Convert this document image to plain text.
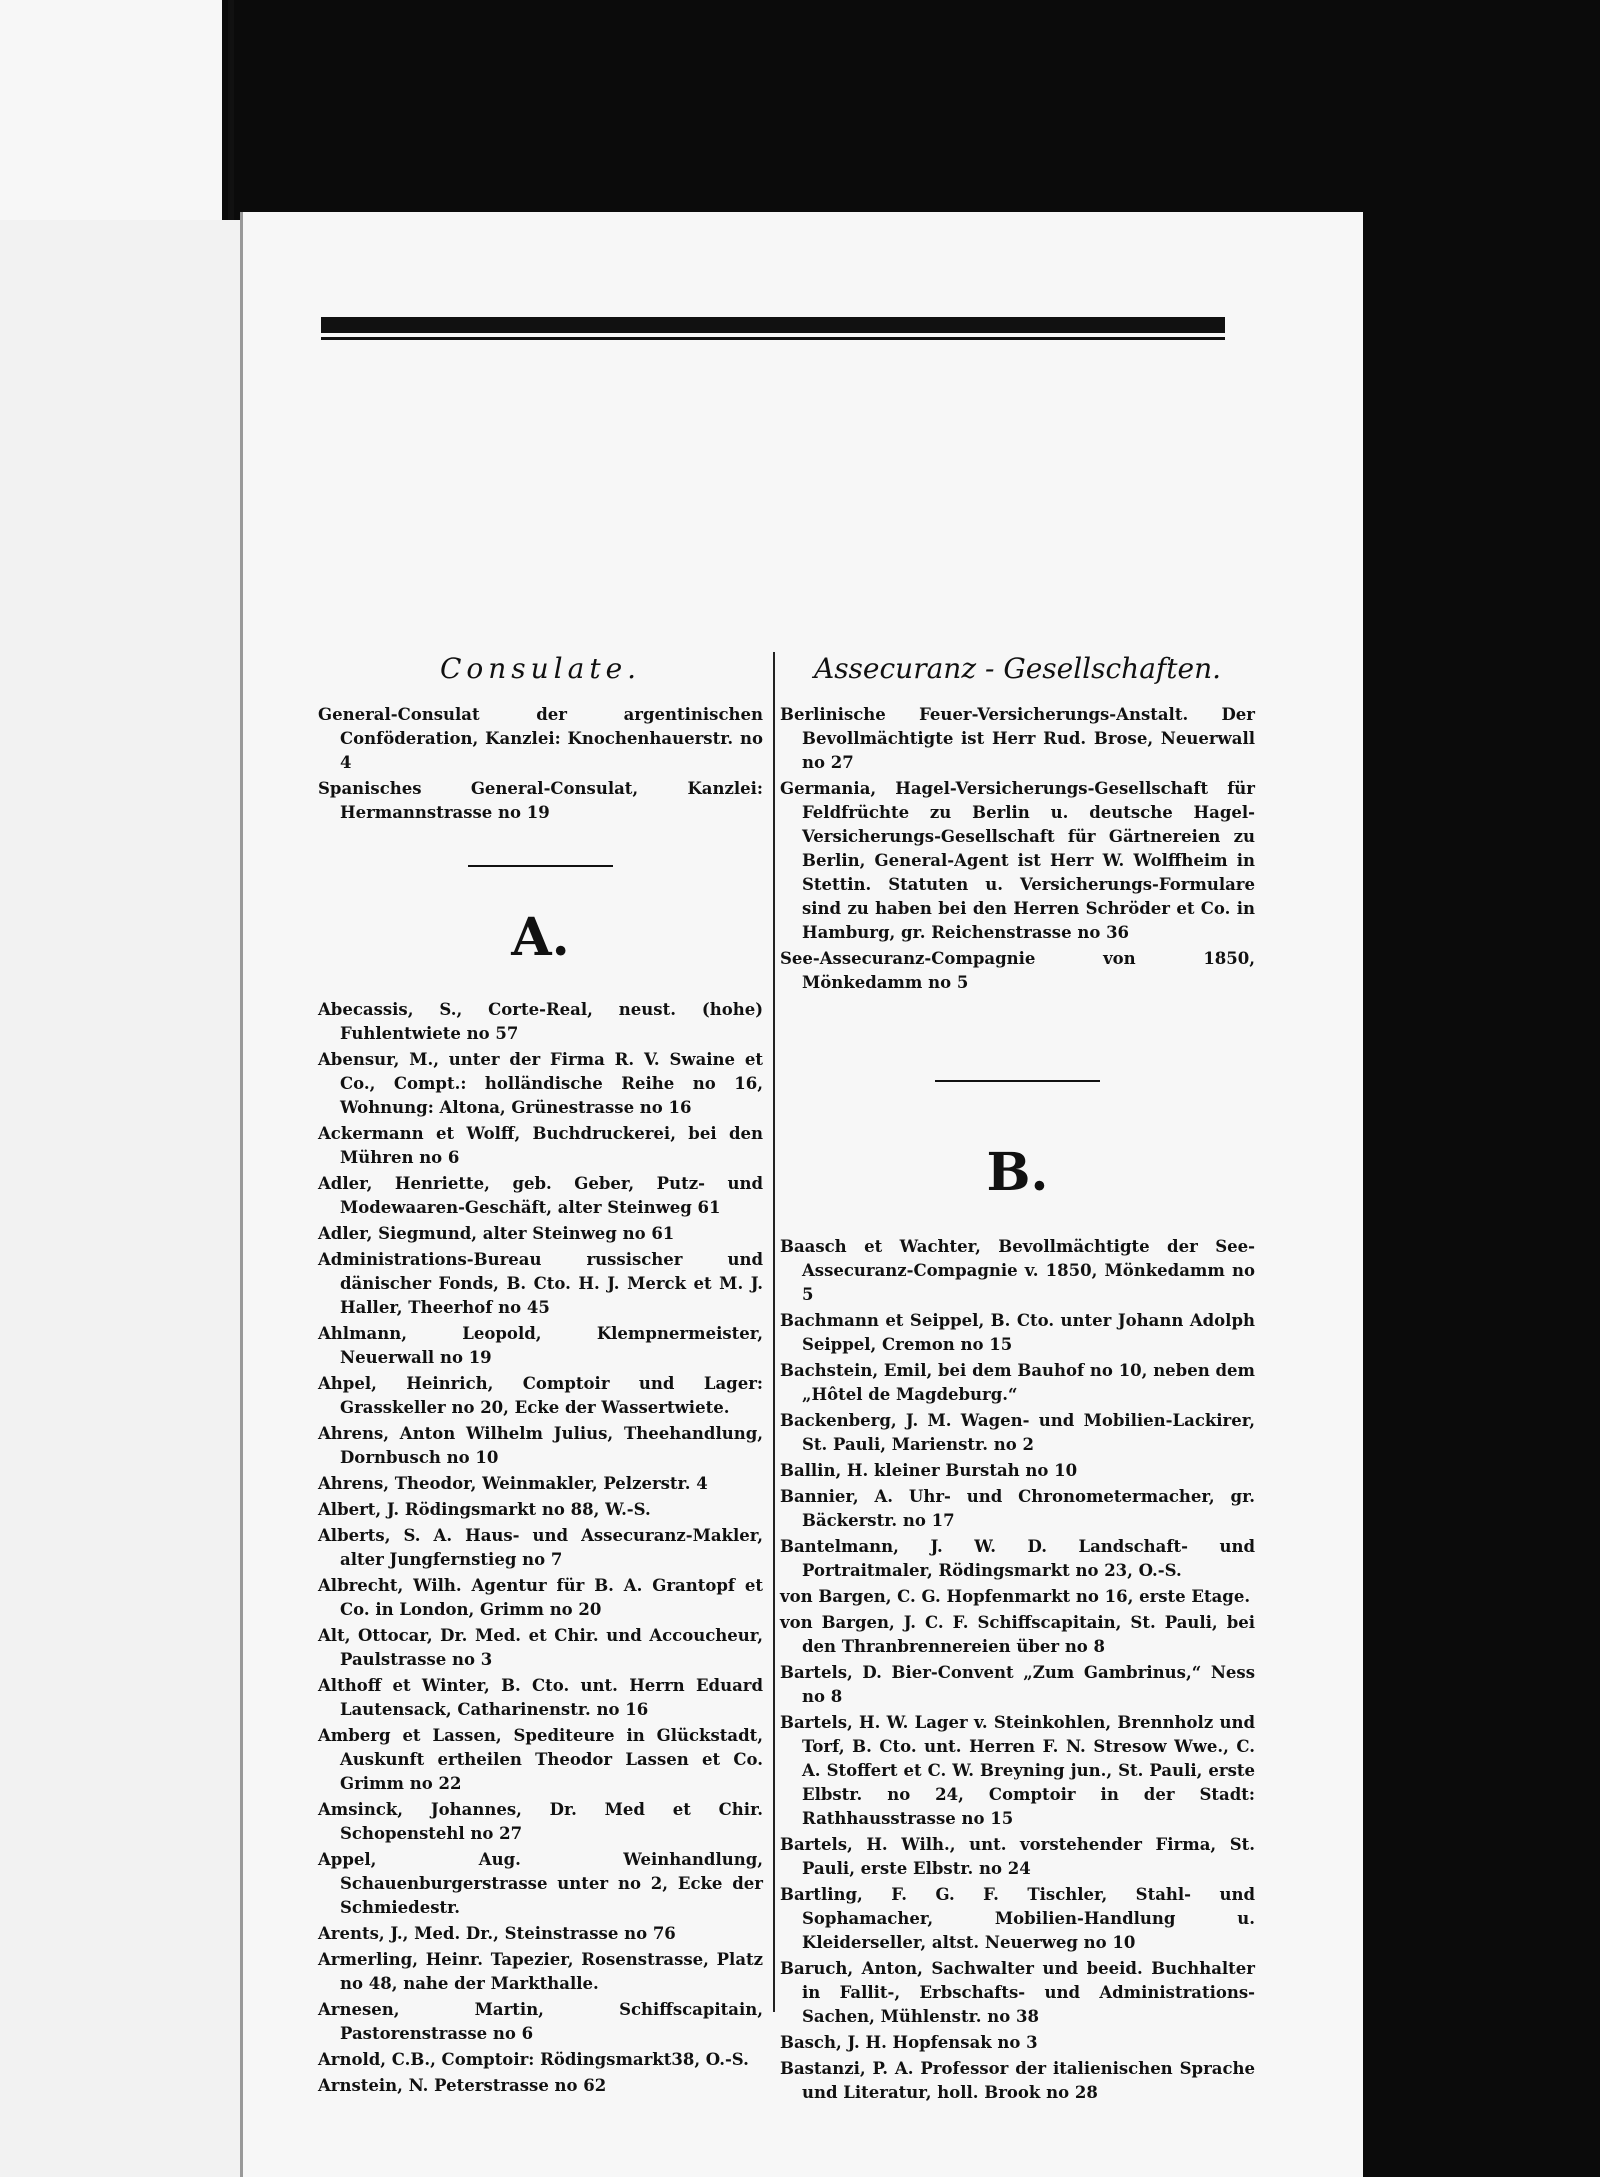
Consulate.

General-Consulat der argentinischen Conföderation, Kanzlei: Knochenhauerstr. no 4

Spanisches General-Consulat, Kanzlei: Hermannstrasse no 19

A.

Abecassis, S., Corte-Real, neust. (hohe) Fuhlentwiete no 57

Abensur, M., unter der Firma R. V. Swaine et Co., Compt.: holländische Reihe no 16, Wohnung: Altona, Grünestrasse no 16

Ackermann et Wolff, Buchdruckerei, bei den Mühren no 6

Adler, Henriette, geb. Geber, Putz- und Modewaaren-Geschäft, alter Steinweg 61

Adler, Siegmund, alter Steinweg no 61

Administrations-Bureau russischer und dänischer Fonds, B. Cto. H. J. Merck et M. J. Haller, Theerhof no 45

Ahlmann, Leopold, Klempnermeister, Neuerwall no 19

Ahpel, Heinrich, Comptoir und Lager: Grasskeller no 20, Ecke der Wassertwiete.

Ahrens, Anton Wilhelm Julius, Theehandlung, Dornbusch no 10

Ahrens, Theodor, Weinmakler, Pelzerstr. 4

Albert, J. Rödingsmarkt no 88, W.-S.

Alberts, S. A. Haus- und Assecuranz-Makler, alter Jungfernstieg no 7

Albrecht, Wilh. Agentur für B. A. Grantopf et Co. in London, Grimm no 20

Alt, Ottocar, Dr. Med. et Chir. und Accoucheur, Paulstrasse no 3

Althoff et Winter, B. Cto. unt. Herrn Eduard Lautensack, Catharinenstr. no 16

Amberg et Lassen, Spediteure in Glückstadt, Auskunft ertheilen Theodor Lassen et Co. Grimm no 22

Amsinck, Johannes, Dr. Med et Chir. Schopenstehl no 27

Appel, Aug. Weinhandlung, Schauenburgerstrasse unter no 2, Ecke der Schmiedestr.

Arents, J., Med. Dr., Steinstrasse no 76

Armerling, Heinr. Tapezier, Rosenstrasse, Platz no 48, nahe der Markthalle.

Arnesen, Martin, Schiffscapitain, Pastorenstrasse no 6

Arnold, C.B., Comptoir: Rödingsmarkt38, O.-S.

Arnstein, N. Peterstrasse no 62

Assecuranz - Gesellschaften.

Berlinische Feuer-Versicherungs-Anstalt. Der Bevollmächtigte ist Herr Rud. Brose, Neuerwall no 27

Germania, Hagel-Versicherungs-Gesellschaft für Feldfrüchte zu Berlin u. deutsche Hagel-Versicherungs-Gesellschaft für Gärtnereien zu Berlin, General-Agent ist Herr W. Wolffheim in Stettin. Statuten u. Versicherungs-Formulare sind zu haben bei den Herren Schröder et Co. in Hamburg, gr. Reichenstrasse no 36

See-Assecuranz-Compagnie von 1850, Mönkedamm no 5

B.

Baasch et Wachter, Bevollmächtigte der See-Assecuranz-Compagnie v. 1850, Mönkedamm no 5

Bachmann et Seippel, B. Cto. unter Johann Adolph Seippel, Cremon no 15

Bachstein, Emil, bei dem Bauhof no 10, neben dem „Hôtel de Magdeburg.“

Backenberg, J. M. Wagen- und Mobilien-Lackirer, St. Pauli, Marienstr. no 2

Ballin, H. kleiner Burstah no 10

Bannier, A. Uhr- und Chronometermacher, gr. Bäckerstr. no 17

Bantelmann, J. W. D. Landschaft- und Portraitmaler, Rödingsmarkt no 23, O.-S.

von Bargen, C. G. Hopfenmarkt no 16, erste Etage.

von Bargen, J. C. F. Schiffscapitain, St. Pauli, bei den Thranbrennereien über no 8

Bartels, D. Bier-Convent „Zum Gambrinus,“ Ness no 8

Bartels, H. W. Lager v. Steinkohlen, Brennholz und Torf, B. Cto. unt. Herren F. N. Stresow Wwe., C. A. Stoffert et C. W. Breyning jun., St. Pauli, erste Elbstr. no 24, Comptoir in der Stadt: Rathhausstrasse no 15

Bartels, H. Wilh., unt. vorstehender Firma, St. Pauli, erste Elbstr. no 24

Bartling, F. G. F. Tischler, Stahl- und Sophamacher, Mobilien-Handlung u. Kleiderseller, altst. Neuerweg no 10

Baruch, Anton, Sachwalter und beeid. Buchhalter in Fallit-, Erbschafts- und Administrations-Sachen, Mühlenstr. no 38

Basch, J. H. Hopfensak no 3

Bastanzi, P. A. Professor der italienischen Sprache und Literatur, holl. Brook no 28
